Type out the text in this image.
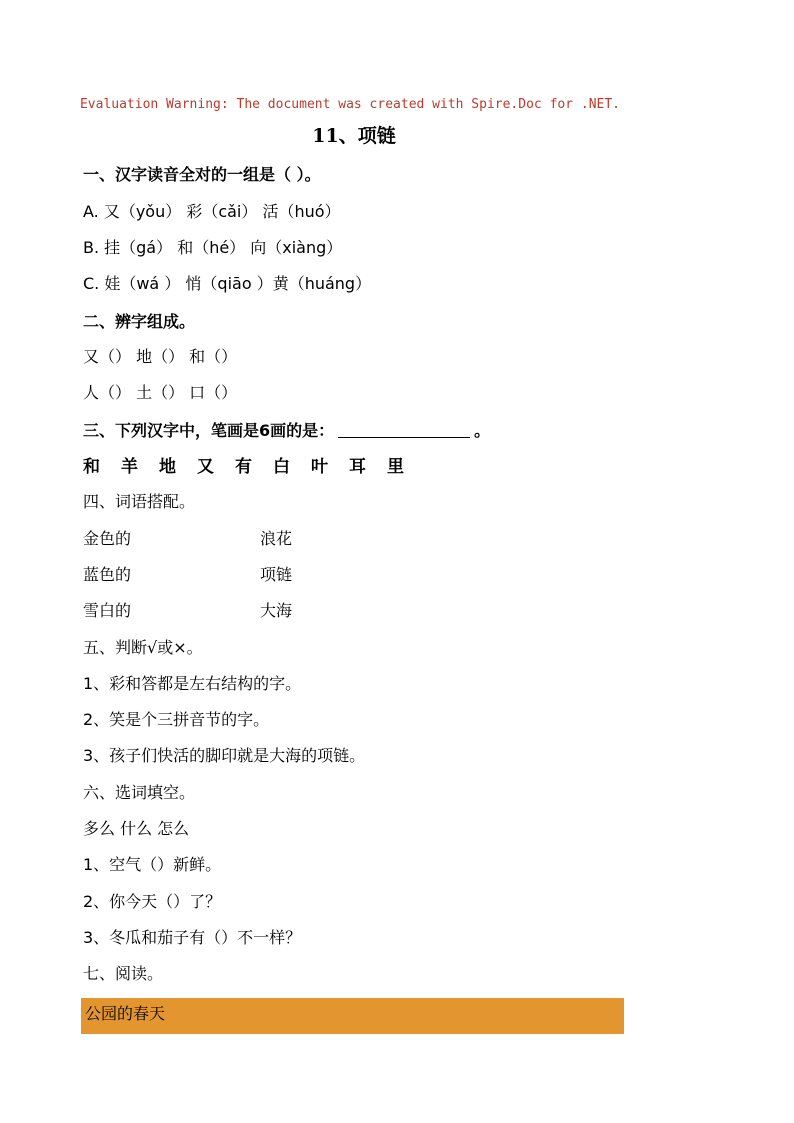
Evaluation Warning: The document was created with Spire.Doc for .NET.
11、项链
一、汉字读音全对的一组是（ ）。
A. 又（yǒu） 彩（cǎi） 活（huó）
B. 挂（gá） 和（hé） 向（xiàng）
C. 娃（wá ） 悄（qiāo ）黄（huáng）
二、辨字组成。
又（） 地（） 和（）
人（） 土（） 口（）
三、下列汉字中，笔画是6画的是：	。
和 羊 地 又 有 白 叶 耳 里
四、词语搭配。
金色的	浪花
蓝色的	项链
雪白的	大海
五、判断√或×。
1、彩和答都是左右结构的字。
2、笑是个三拼音节的字。
3、孩子们快活的脚印就是大海的项链。
六、选词填空。
多么 什么 怎么
1、空气（）新鲜。
2、你今天（）了？
3、冬瓜和茄子有（）不一样？
七、阅读。
公园的春天
